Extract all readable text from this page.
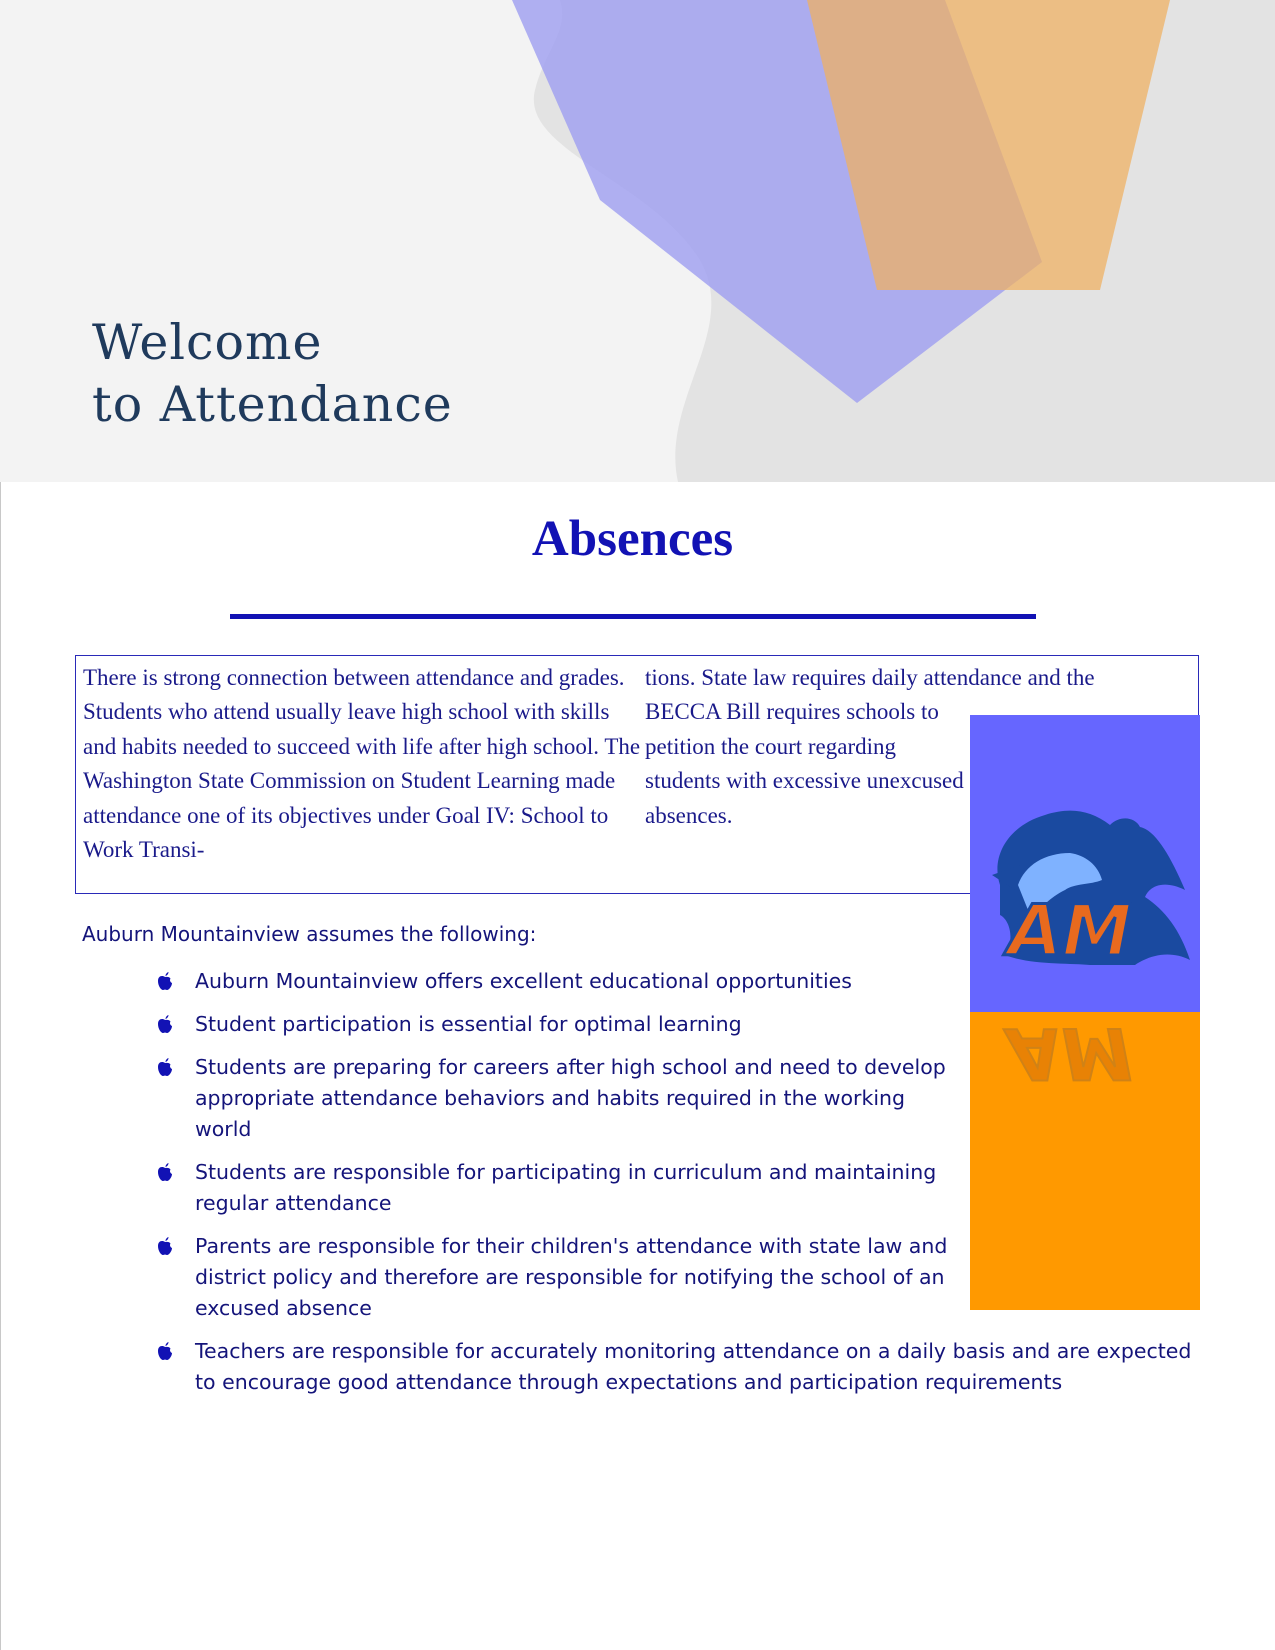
Welcome
to Attendance
Absences

There is strong connection between attendance and grades. Students who attend usually leave high school with skills and habits needed to succeed with life after high school. The Washington State Commission on Student Learning made attendance one of its objectives under Goal IV: School to Work Transi-

tions. State law requires daily attendance and the
BECCA Bill requires schools to petition the court regarding students with excessive unexcused absences.

AM
AM
Auburn Mountainview assumes the following:
Auburn Mountainview offers excellent educational opportunities
Student participation is essential for optimal learning
Students are preparing for careers after high school and need to develop appropriate attendance behaviors and habits required in the working world
Students are responsible for participating in curriculum and maintaining regular attendance
Parents are responsible for their children's attendance with state law and district policy and therefore are responsible for notifying the school of an excused absence
Teachers are responsible for accurately monitoring attendance on a daily basis and are expected to encourage good attendance through expectations and participation requirements
